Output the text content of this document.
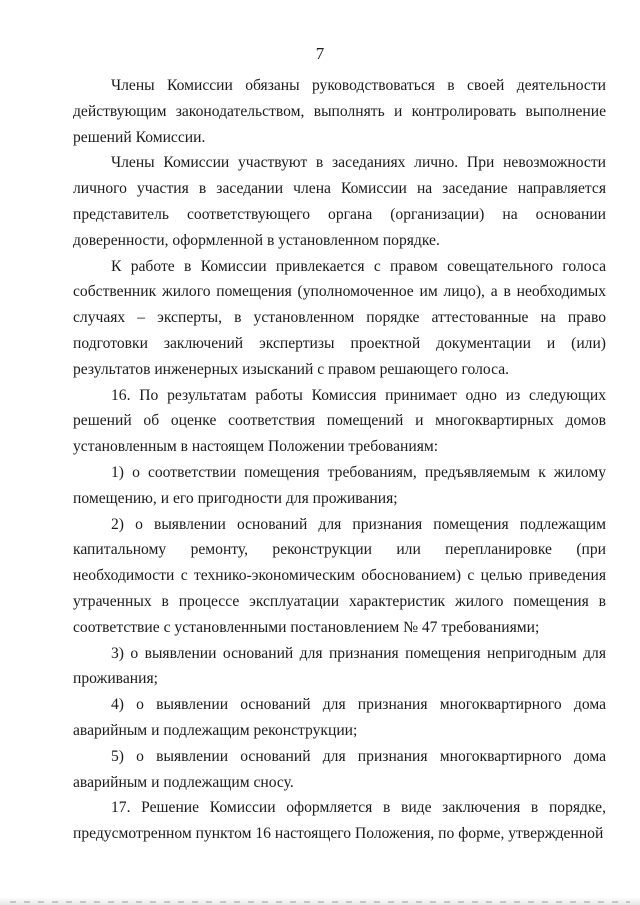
7

Члены Комиссии обязаны руководствоваться в своей деятельности действующим законодательством, выполнять и контролировать выполнение решений Комиссии.

Члены Комиссии участвуют в заседаниях лично. При невозможности личного участия в заседании члена Комиссии на заседание направляется представитель соответствующего органа (организации) на основании доверенности, оформленной в установленном порядке.

К работе в Комиссии привлекается с правом совещательного голоса собственник жилого помещения (уполномоченное им лицо), а в необходимых случаях – эксперты, в установленном порядке аттестованные на право подготовки заключений экспертизы проектной документации и (или) результатов инженерных изысканий с правом решающего голоса.

16. По результатам работы Комиссия принимает одно из следующих решений об оценке соответствия помещений и многоквартирных домов установленным в настоящем Положении требованиям:

1) о соответствии помещения требованиям, предъявляемым к жилому помещению, и его пригодности для проживания;

2) о выявлении оснований для признания помещения подлежащим капитальному ремонту, реконструкции или перепланировке (при необходимости с технико-экономическим обоснованием) с целью приведения утраченных в процессе эксплуатации характеристик жилого помещения в соответствие с установленными постановлением № 47 требованиями;

3) о выявлении оснований для признания помещения непригодным для проживания;

4) о выявлении оснований для признания многоквартирного дома аварийным и подлежащим реконструкции;

5) о выявлении оснований для признания многоквартирного дома аварийным и подлежащим сносу.

17. Решение Комиссии оформляется в виде заключения в порядке, предусмотренном пунктом 16 настоящего Положения, по форме, утвержденной
